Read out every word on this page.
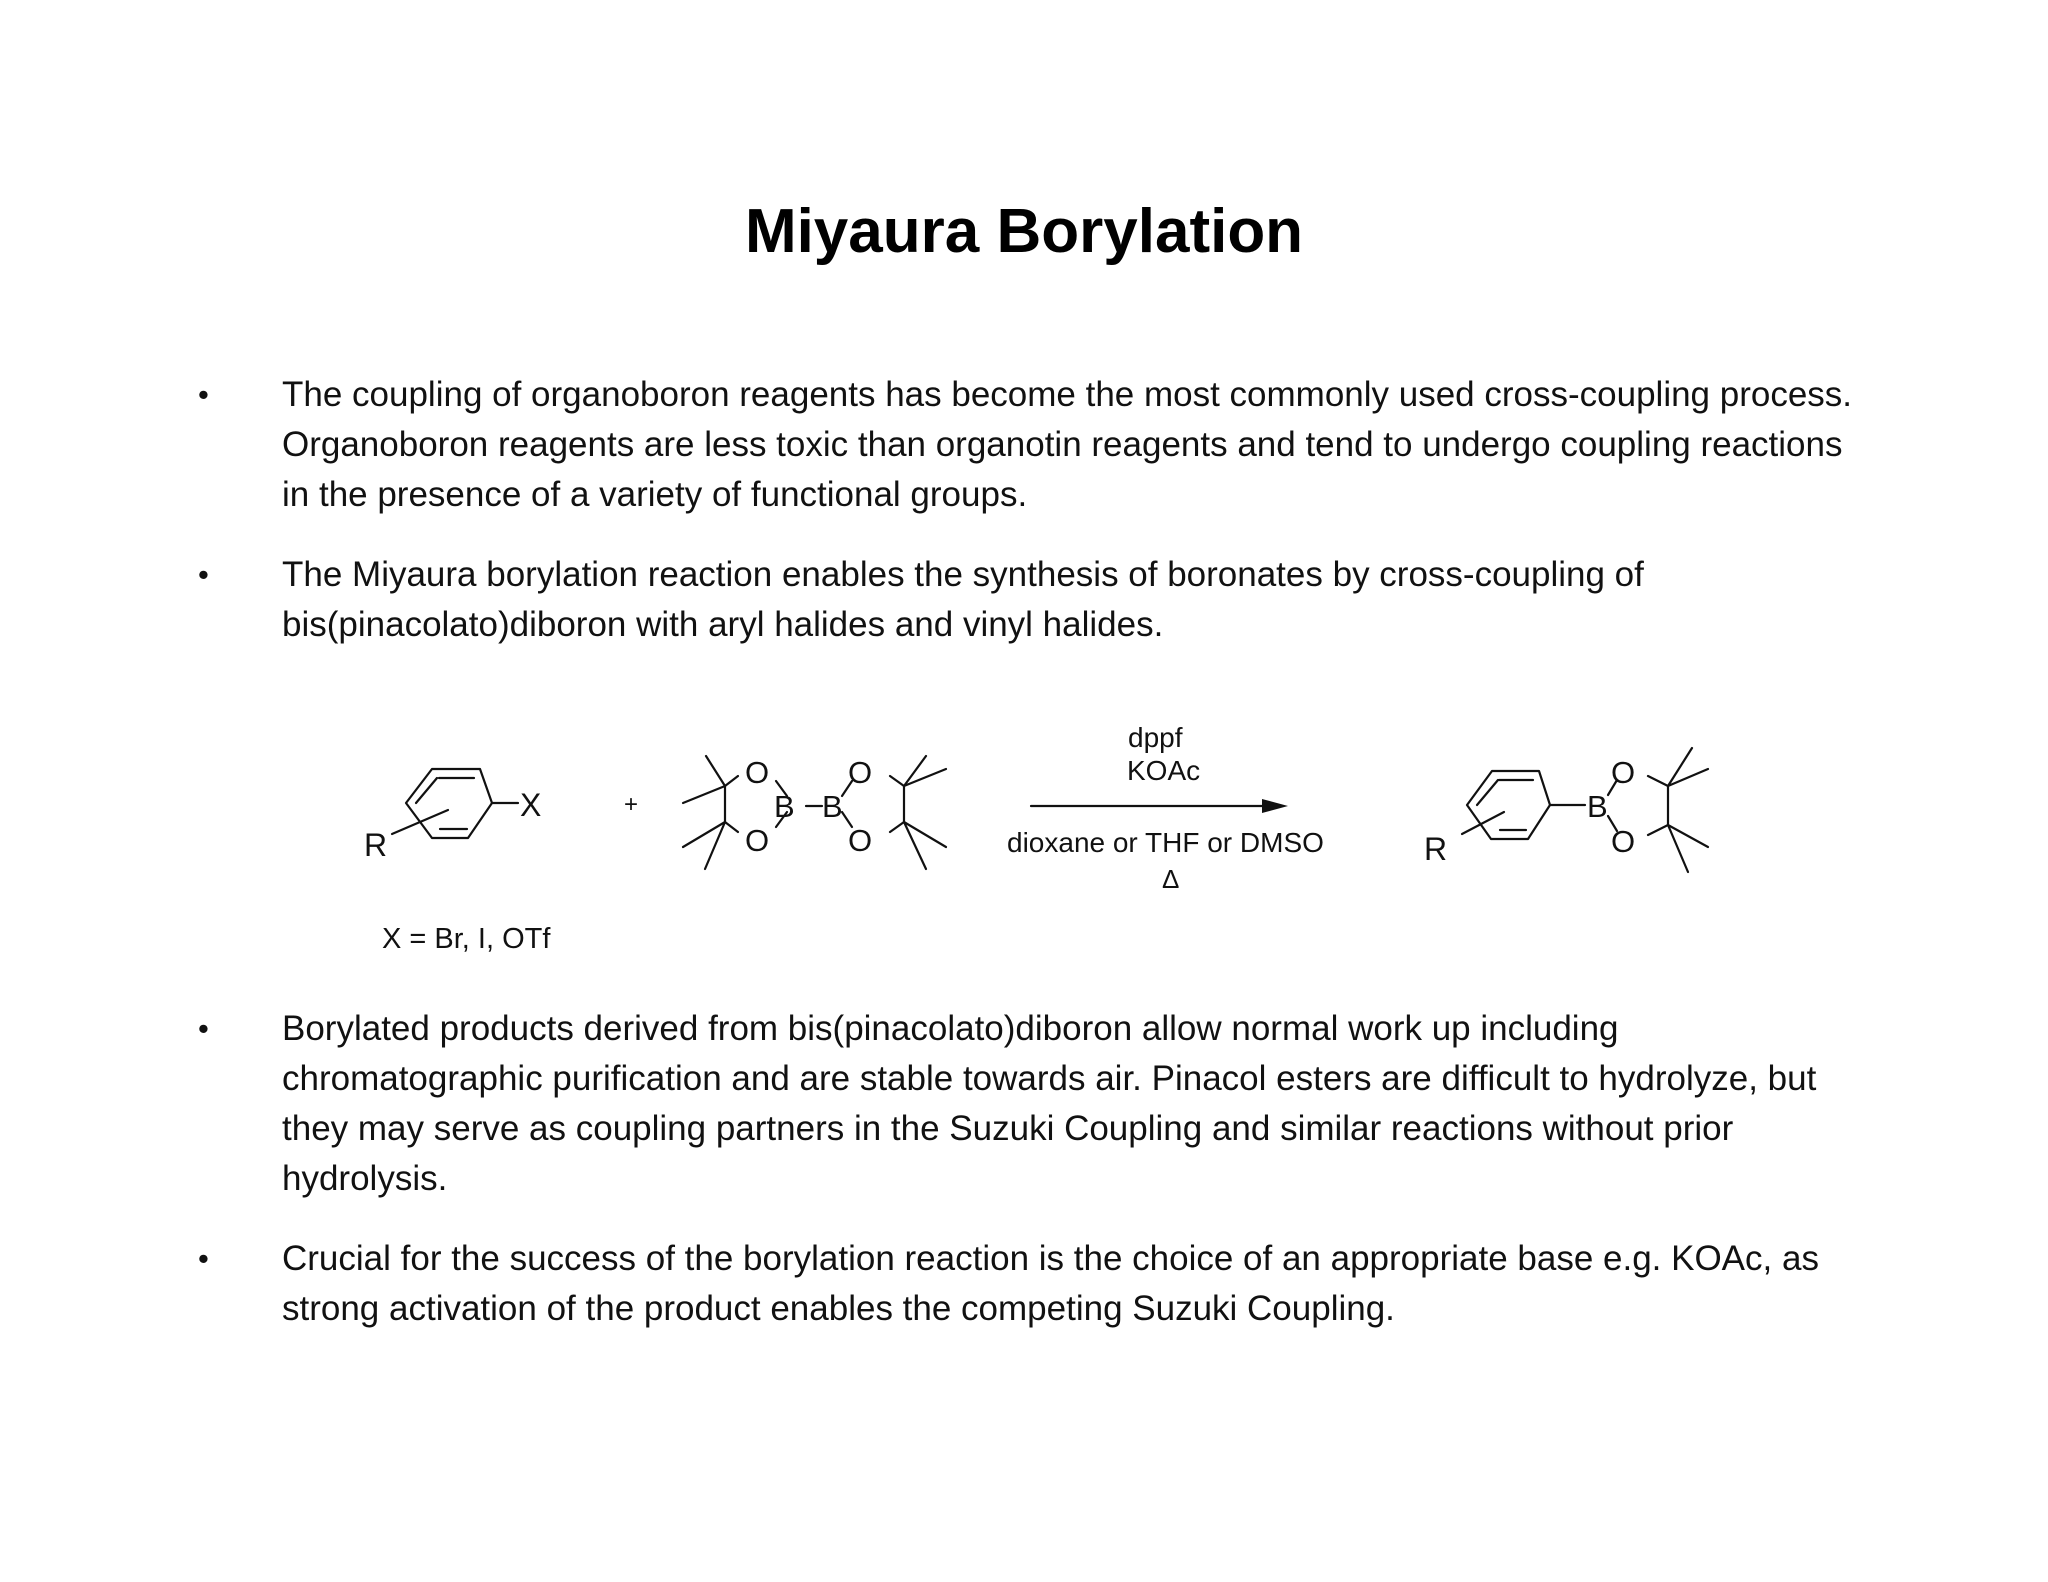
Miyaura Borylation
•	The coupling of organoboron reagents has become the most commonly used cross-coupling process. Organoboron reagents are less toxic than organotin reagents and tend to undergo coupling reactions in the presence of a variety of functional groups.
•	The Miyaura borylation reaction enables the synthesis of boronates by cross-coupling of bis(pinacolato)diboron with aryl halides and vinyl halides.
X
R
+
O
O
B B
O
O
dppf
KOAc
dioxane or THF or DMSO
Δ
R
B
O
O
X = Br, I, OTf
•	Borylated products derived from bis(pinacolato)diboron allow normal work up including chromatographic purification and are stable towards air. Pinacol esters are difficult to hydrolyze, but they may serve as coupling partners in the Suzuki Coupling and similar reactions without prior hydrolysis.
•	Crucial for the success of the borylation reaction is the choice of an appropriate base e.g. KOAc, as strong activation of the product enables the competing Suzuki Coupling.
